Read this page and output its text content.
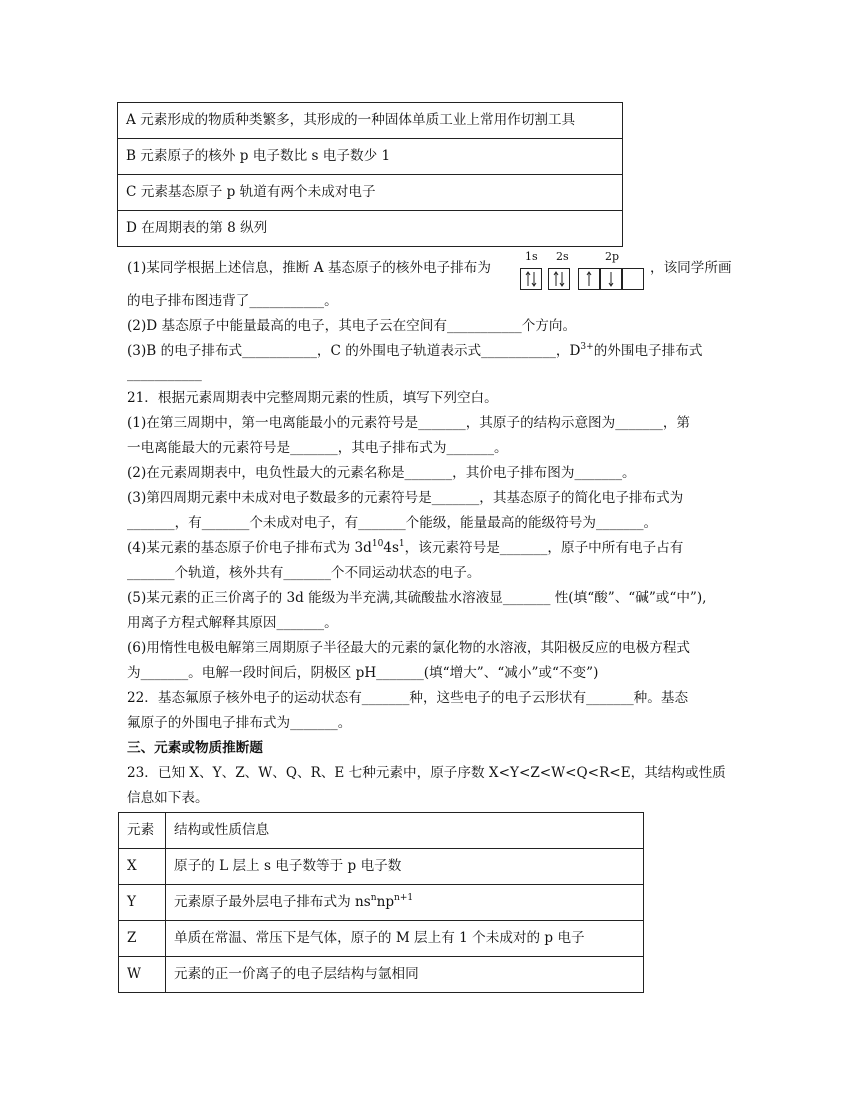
A 元素形成的物质种类繁多，其形成的一种固体单质工业上常用作切割工具
B 元素原子的核外 p 电子数比 s 电子数少 1
C 元素基态原子 p 轨道有两个未成对电子
D 在周期表的第 8 纵列
(1)某同学根据上述信息，推断 A 基态原子的核外电子排布为	，该同学所画
1s 2s	2p
的电子排布图违背了___________。
(2)D 基态原子中能量最高的电子，其电子云在空间有___________个方向。
(3)B 的电子排布式___________，C 的外围电子轨道表示式___________，$D^{3+}$的外围电子排布式
___________
21．根据元素周期表中完整周期元素的性质，填写下列空白。
(1)在第三周期中，第一电离能最小的元素符号是_______，其原子的结构示意图为_______，第
一电离能最大的元素符号是_______，其电子排布式为_______。
(2)在元素周期表中，电负性最大的元素名称是_______，其价电子排布图为_______。
(3)第四周期元素中未成对电子数最多的元素符号是_______，其基态原子的简化电子排布式为
_______，有_______个未成对电子，有_______个能级，能量最高的能级符号为_______。
(4)某元素的基态原子价电子排布式为 $3d^{10}4s^1$，该元素符号是_______，原子中所有电子占有
_______个轨道，核外共有_______个不同运动状态的电子。
(5)某元素的正三价离子的 3d 能级为半充满,其硫酸盐水溶液显_______ 性(填“酸”、“碱”或“中”),
用离子方程式解释其原因_______。
(6)用惰性电极电解第三周期原子半径最大的元素的氯化物的水溶液，其阳极反应的电极方程式
为_______。电解一段时间后，阴极区 pH_______(填“增大”、“减小”或“不变”)
22．基态氟原子核外电子的运动状态有_______种，这些电子的电子云形状有_______种。基态
氟原子的外围电子排布式为_______。
三、元素或物质推断题
23．已知 X、Y、Z、W、Q、R、E 七种元素中，原子序数 X<Y<Z<W<Q<R<E，其结构或性质
信息如下表。
元素	结构或性质信息
X	原子的 L 层上 s 电子数等于 p 电子数
Y	元素原子最外层电子排布式为 $ns^nnp^{n+1}$
Z	单质在常温、常压下是气体，原子的 M 层上有 1 个未成对的 p 电子
W	元素的正一价离子的电子层结构与氩相同
